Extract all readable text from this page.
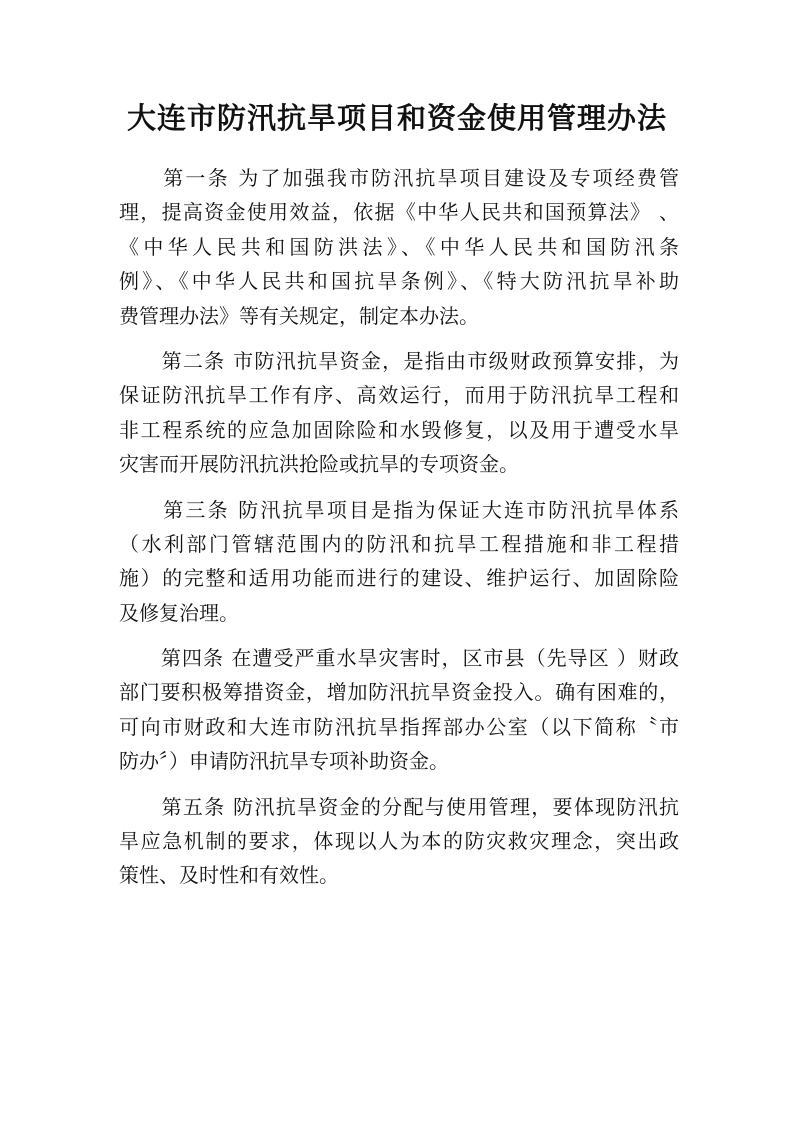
大连市防汛抗旱项目和资金使用管理办法
　　第一条 为了加强我市防汛抗旱项目建设及专项经费管
理，提高资金使用效益，依据《中华人民共和国预算法》 、
《中华人民共和国防洪法》、《中华人民共和国防汛条
例》、《中华人民共和国抗旱条例》、《特大防汛抗旱补助
费管理办法》等有关规定，制定本办法。
　　第二条 市防汛抗旱资金，是指由市级财政预算安排，为
保证防汛抗旱工作有序、高效运行，而用于防汛抗旱工程和
非工程系统的应急加固除险和水毁修复，以及用于遭受水旱
灾害而开展防汛抗洪抢险或抗旱的专项资金。
　　第三条 防汛抗旱项目是指为保证大连市防汛抗旱体系
（水利部门管辖范围内的防汛和抗旱工程措施和非工程措
施）的完整和适用功能而进行的建设、维护运行、加固除险
及修复治理。
　　第四条 在遭受严重水旱灾害时，区市县（先导区 ）财政
部门要积极筹措资金，增加防汛抗旱资金投入。确有困难的，
可向市财政和大连市防汛抗旱指挥部办公室（以下简称〝市
防办〞）申请防汛抗旱专项补助资金。
　　第五条 防汛抗旱资金的分配与使用管理，要体现防汛抗
旱应急机制的要求，体现以人为本的防灾救灾理念，突出政
策性、及时性和有效性。
